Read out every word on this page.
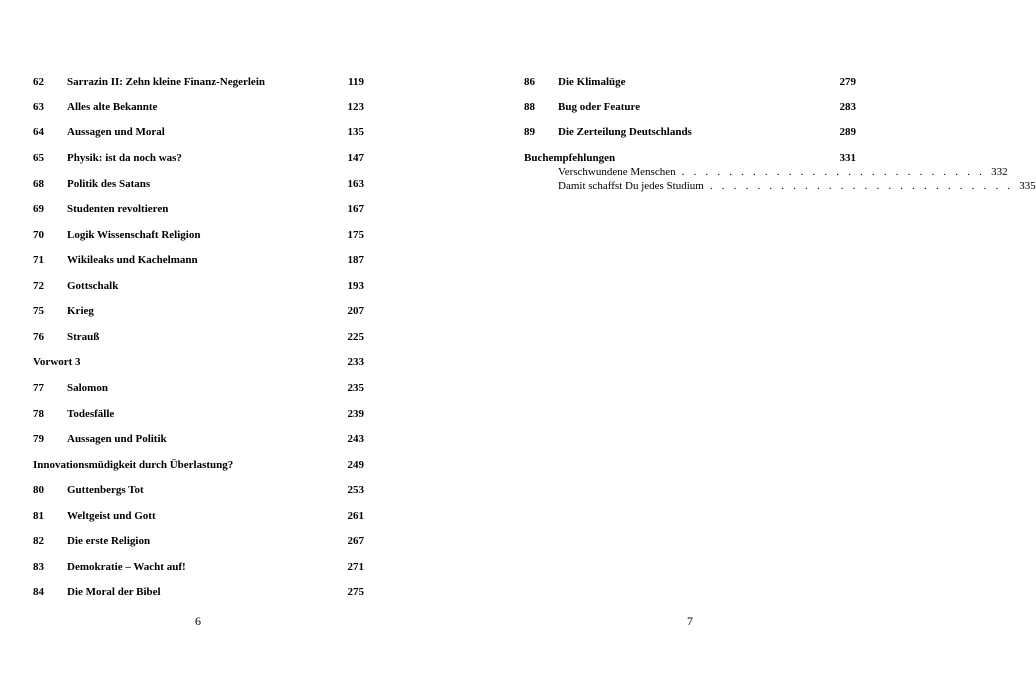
62 Sarrazin II: Zehn kleine Finanz-Negerlein	119
63 Alles alte Bekannte	123
64 Aussagen und Moral	135
65 Physik: ist da noch was?	147
68 Politik des Satans	163
69 Studenten revoltieren	167
70 Logik Wissenschaft Religion	175
71 Wikileaks und Kachelmann	187
72 Gottschalk	193
75 Krieg	207
76 Strauß	225
Vorwort 3	233
77 Salomon	235
78 Todesfälle	239
79 Aussagen und Politik	243
Innovationsmüdigkeit durch Überlastung?	249
80 Guttenbergs Tot	253
81 Weltgeist und Gott	261
82 Die erste Religion	267
83 Demokratie – Wacht auf!	271
84 Die Moral der Bibel	275
6
86 Die Klimalüge	279
88 Bug oder Feature	283
89 Die Zerteilung Deutschlands	289
Buchempfehlungen	331
Verschwundene Menschen . . . . . . . . . . . . . . . . . . . . . . . . . . 332
Damit schaffst Du jedes Studium . . . . . . . . . . . . . . . . . . . . . . . . . . 335
7
